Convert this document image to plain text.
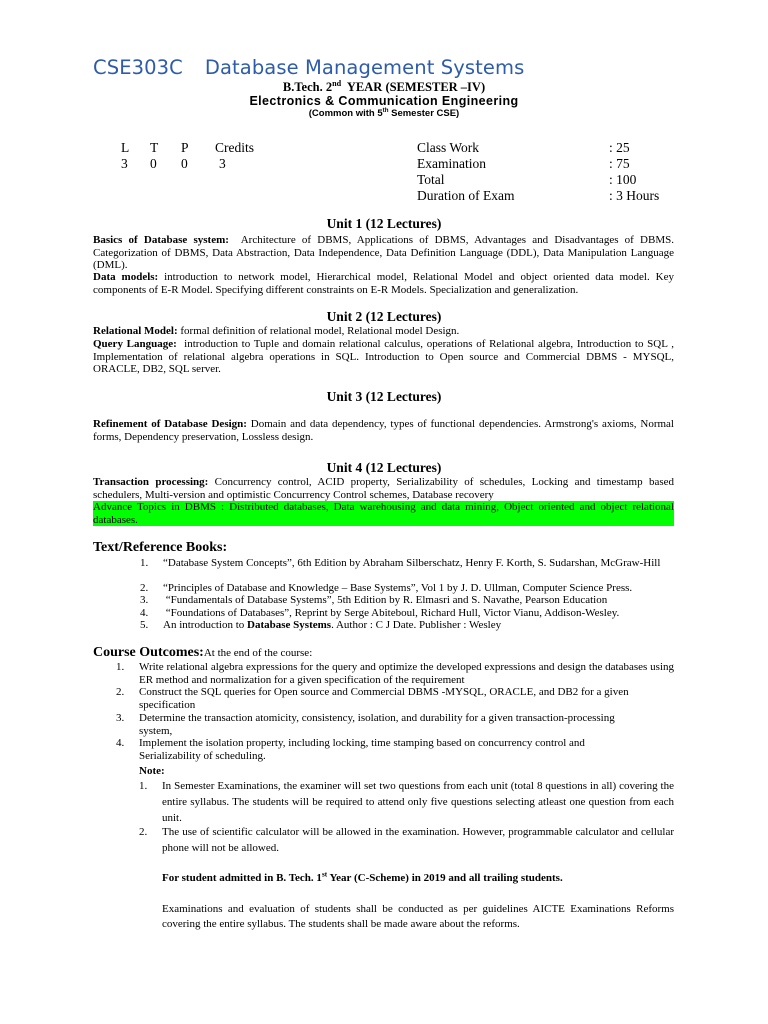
CSE303C Database Management Systems
B.Tech. 2nd  YEAR (SEMESTER –IV)
Electronics & Communication Engineering
(Common with 5th Semester CSE)
L T P Credits
3 0 0 3
Class Work	: 25
Examination	: 75
Total	: 100
Duration of Exam	: 3 Hours
Unit 1 (12 Lectures)
Basics of Database system:  Architecture of DBMS, Applications of DBMS, Advantages and Disadvantages of DBMS. Categorization of DBMS, Data Abstraction, Data Independence, Data Definition Language (DDL), Data Manipulation Language (DML).
Data models: introduction to network model, Hierarchical model, Relational Model and object oriented data model. Key components of E-R Model. Specifying different constraints on E-R Models. Specialization and generalization.
Unit 2 (12 Lectures)
Relational Model: formal definition of relational model, Relational model Design.
Query Language:  introduction to Tuple and domain relational calculus, operations of Relational algebra, Introduction to SQL , Implementation of relational algebra operations in SQL. Introduction to Open source and Commercial DBMS - MYSQL, ORACLE, DB2, SQL server.
Unit 3 (12 Lectures)
Refinement of Database Design: Domain and data dependency, types of functional dependencies. Armstrong's axioms, Normal forms, Dependency preservation, Lossless design.
Unit 4 (12 Lectures)
Transaction processing: Concurrency control, ACID property, Serializability of schedules, Locking and timestamp based schedulers, Multi-version and optimistic Concurrency Control schemes, Database recovery
Advance Topics in DBMS : Distributed databases, Data warehousing and data mining, Object oriented and object relational databases.
Text/Reference Books:
1. “Database System Concepts”, 6th Edition by Abraham Silberschatz, Henry F. Korth, S. Sudarshan, McGraw-Hill
2. “Principles of Database and Knowledge – Base Systems”, Vol 1 by J. D. Ullman, Computer Science Press.
3. “Fundamentals of Database Systems”, 5th Edition by R. Elmasri and S. Navathe, Pearson Education
4. “Foundations of Databases”, Reprint by Serge Abiteboul, Richard Hull, Victor Vianu, Addison-Wesley.
5. An introduction to Database Systems. Author : C J Date. Publisher : Wesley
Course Outcomes:At the end of the course:
1. Write relational algebra expressions for the query and optimize the developed expressions and design the databases using ER method and normalization for a given specification of the requirement
2. Construct the SQL queries for Open source and Commercial DBMS -MYSQL, ORACLE, and DB2 for a given specification
3. Determine the transaction atomicity, consistency, isolation, and durability for a given transaction-processing system,
4. Implement the isolation property, including locking, time stamping based on concurrency control and Serializability of scheduling.
Note:
1. In Semester Examinations, the examiner will set two questions from each unit (total 8 questions in all) covering the entire syllabus. The students will be required to attend only five questions selecting atleast one question from each unit.
2. The use of scientific calculator will be allowed in the examination. However, programmable calculator and cellular phone will not be allowed.
For student admitted in B. Tech. 1st Year (C-Scheme) in 2019 and all trailing students.
Examinations and evaluation of students shall be conducted as per guidelines AICTE Examinations Reforms covering the entire syllabus. The students shall be made aware about the reforms.
